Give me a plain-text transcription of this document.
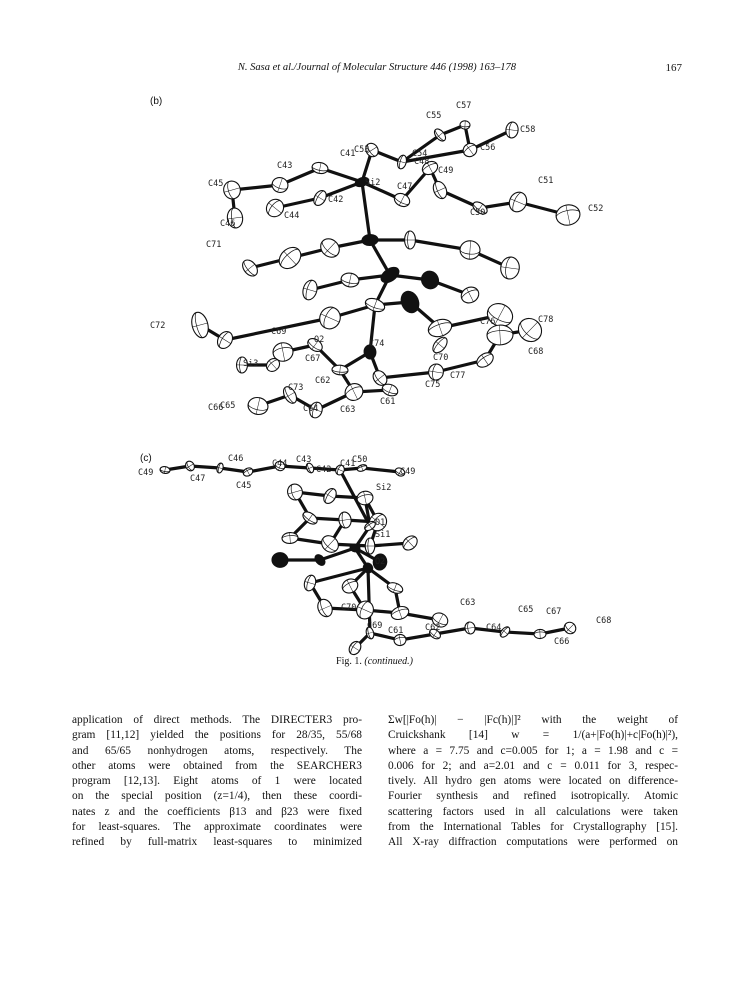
N. Sasa et al./Journal of Molecular Structure 446 (1998) 163–178	167
(b)	C57
C55
C58
C56
C41
C53	C54
C48
C43	C49
C51
Si2 C47
C45
C42
C52
C50
C46
C44
C71
C72
C78
C69
C76
O2	C74
C68
Si3
C70
C67
C77
C75
C73
C65
C62
C61
C66	C64	C63
(c)	C43
C49
C46	C44	C41
C50
C49	C42
C47
C45	Si2
O1
Si1
O2
C63
C65 C67
C70
C68
C69	C62	C64
C66
C61
Fig. 1. (continued.)
application of direct methods. The DIRECTER3 pro-
gram [11,12] yielded the positions for 28/35, 55/68
and 65/65 nonhydrogen atoms, respectively. The
other atoms were obtained from the SEARCHER3
program [12,13]. Eight atoms of 1 were located
on the special position (z=1/4), then these coordi-
nates z and the coefficients β13 and β23 were fixed
for least-squares. The approximate coordinates were
refined by full-matrix least-squares to minimized
Σw[|Fo(h)| − |Fc(h)|]² with the weight of
Cruickshank [14] w = 1/(a+|Fo(h)|+c|Fo(h)|²),
where a = 7.75 and c=0.005 for 1; a = 1.98 and c =
0.006 for 2; and a=2.01 and c = 0.011 for 3, respec-
tively. All hydro gen atoms were located on difference-
Fourier synthesis and refined isotropically. Atomic
scattering factors used in all calculations were taken
from the International Tables for Crystallography [15].
All X-ray diffraction computations were performed on
